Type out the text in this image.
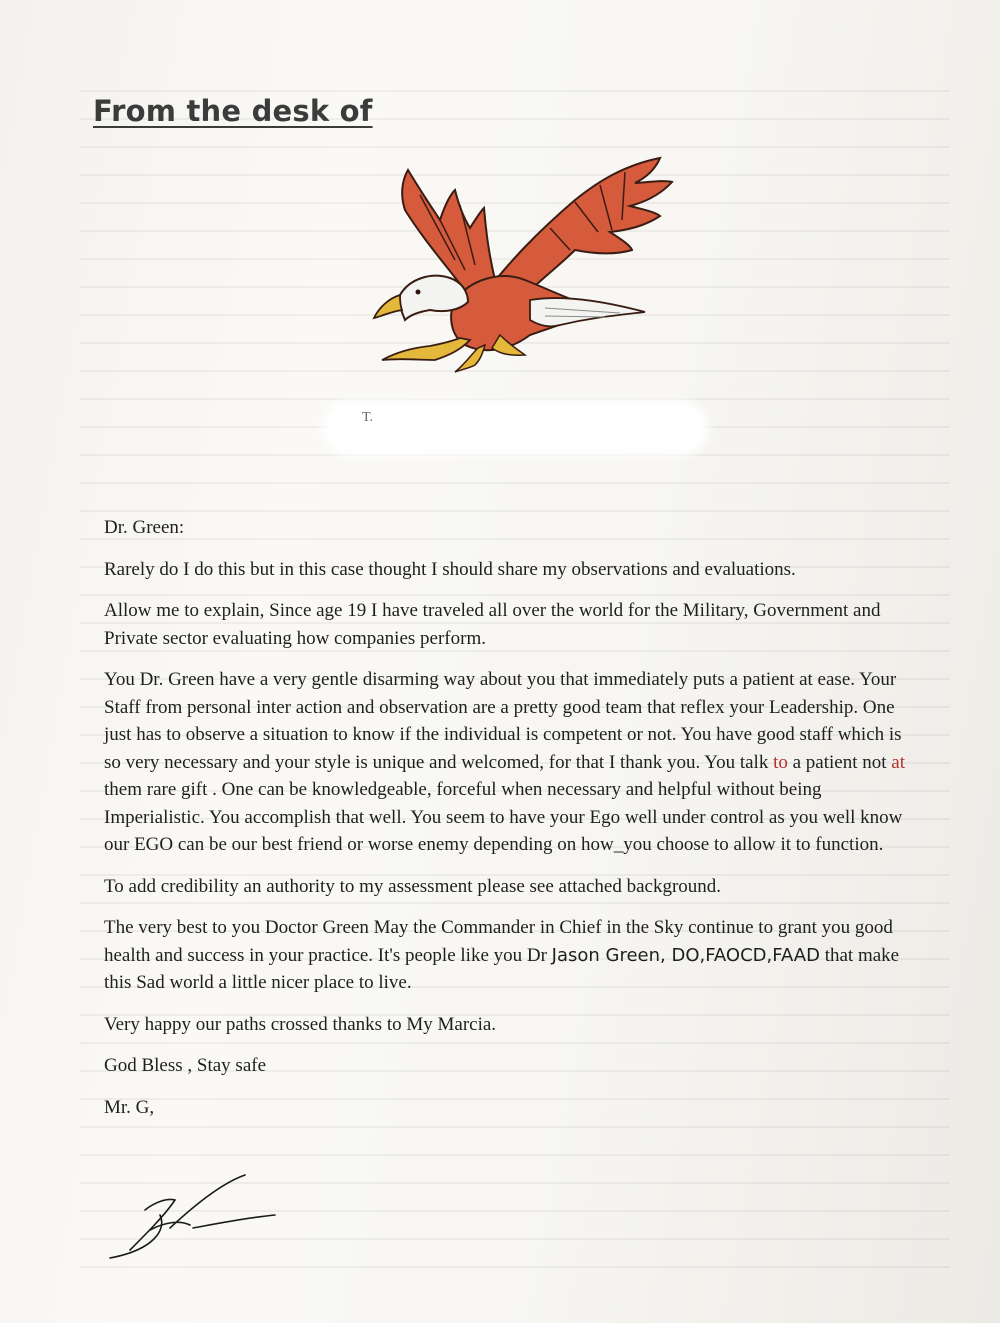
From the desk of
T.

Dr. Green:

Rarely do I do this but in this case thought I should share my observations and evaluations.

Allow me to explain, Since age 19 I have traveled all over the world for the Military, Government and Private sector evaluating how companies perform.

You Dr. Green have a very gentle disarming way about you that immediately puts a patient at ease. Your Staff from personal inter action and observation are a pretty good team that reflex your Leadership. One just has to observe a situation to know if the individual is competent or not. You have good staff which is so very necessary and your style is unique and welcomed, for that I thank you. You talk to a patient not at them rare gift . One can be knowledgeable, forceful when necessary and helpful without being Imperialistic. You accomplish that well. You seem to have your Ego well under control as you well know our EGO can be our best friend or worse enemy depending on how_you choose to allow it to function.

To add credibility an authority to my assessment please see attached background.

The very best to you Doctor Green May the Commander in Chief in the Sky continue to grant you good health and success in your practice. It's people like you Dr Jason Green, DO,FAOCD,FAAD that make this Sad world a little nicer place to live.

Very happy our paths crossed thanks to My Marcia.

God Bless , Stay safe

Mr. G,
